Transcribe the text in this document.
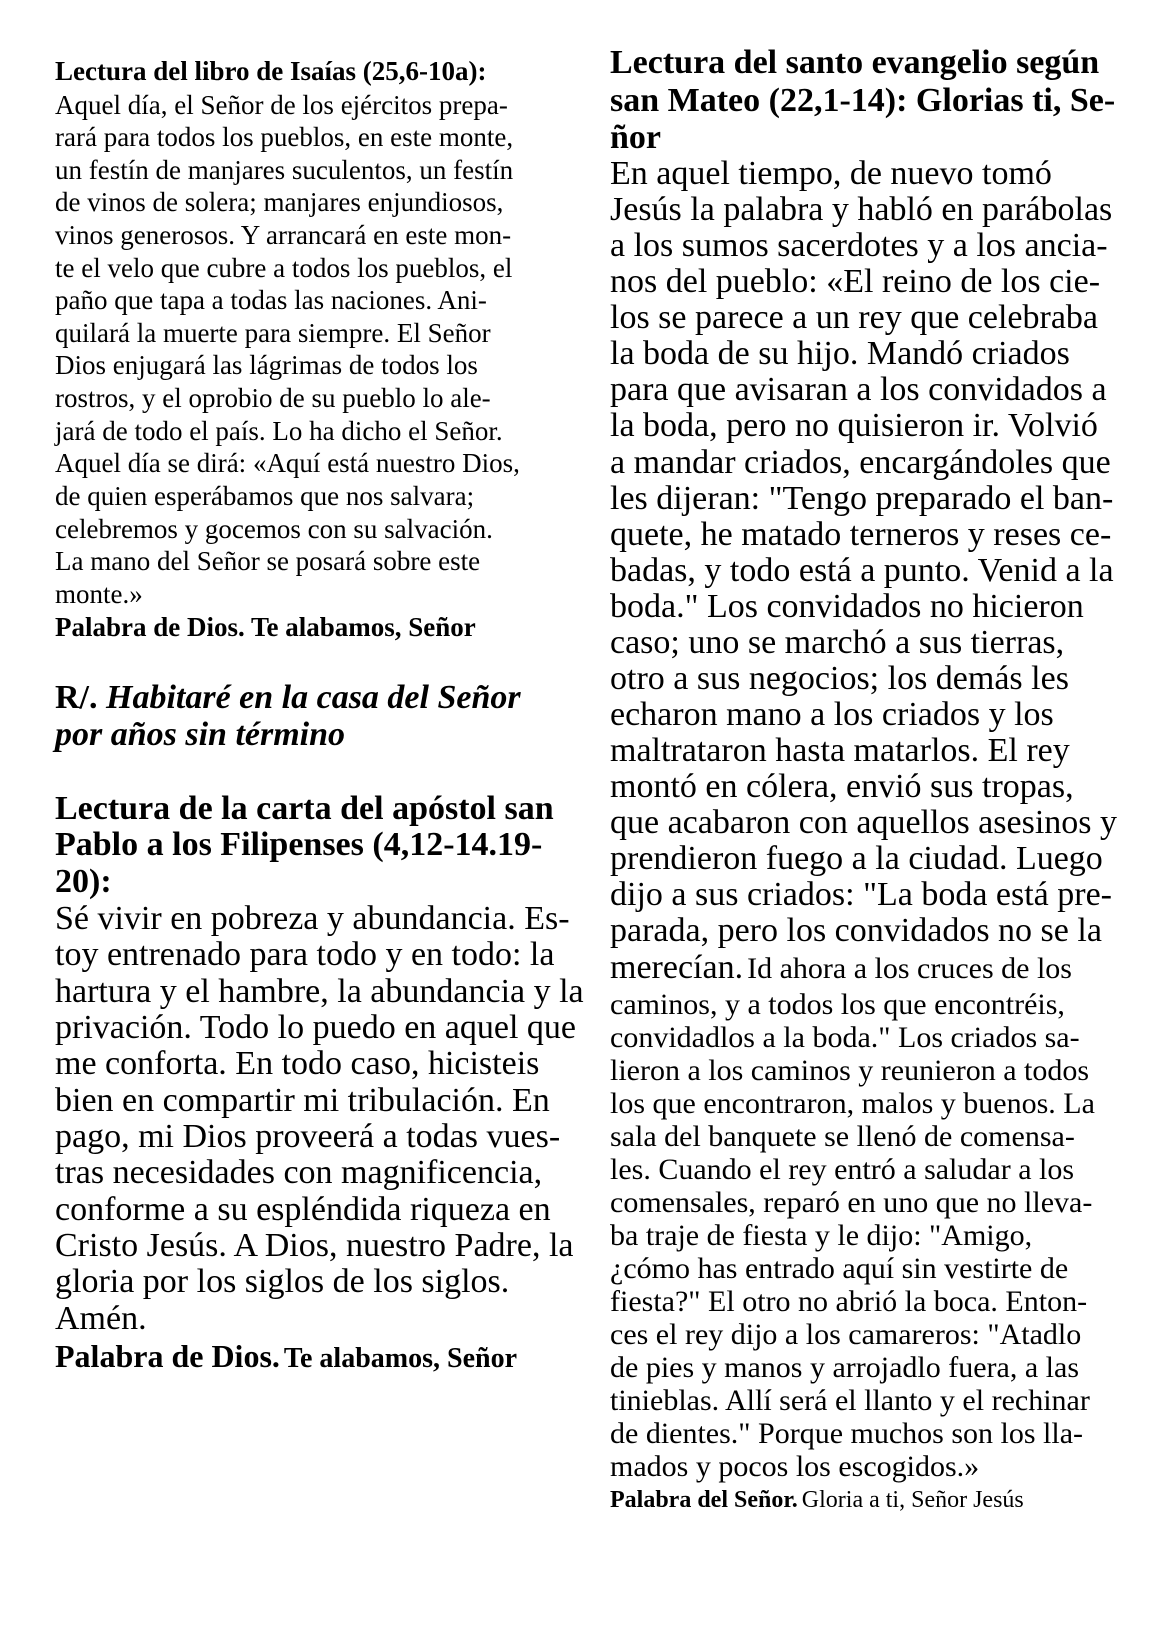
Lectura del libro de Isaías (25,6-10a):
Aquel día, el Señor de los ejércitos prepa-
rará para todos los pueblos, en este monte,
un festín de manjares suculentos, un festín
de vinos de solera; manjares enjundiosos,
vinos generosos. Y arrancará en este mon-
te el velo que cubre a todos los pueblos, el
paño que tapa a todas las naciones. Ani-
quilará la muerte para siempre. El Señor
Dios enjugará las lágrimas de todos los
rostros, y el oprobio de su pueblo lo ale-
jará de todo el país. Lo ha dicho el Señor.
Aquel día se dirá: «Aquí está nuestro Dios,
de quien esperábamos que nos salvara;
celebremos y gocemos con su salvación.
La mano del Señor se posará sobre este
monte.»
Palabra de Dios. Te alabamos, Señor
R/. Habitaré en la casa del Señor
por años sin término
Lectura de la carta del apóstol san
Pablo a los Filipenses (4,12-14.19-
20):
Sé vivir en pobreza y abundancia. Es-
toy entrenado para todo y en todo: la
hartura y el hambre, la abundancia y la
privación. Todo lo puedo en aquel que
me conforta. En todo caso, hicisteis
bien en compartir mi tribulación. En
pago, mi Dios proveerá a todas vues-
tras necesidades con magnificencia,
conforme a su espléndida riqueza en
Cristo Jesús. A Dios, nuestro Padre, la
gloria por los siglos de los siglos.
Amén.
Palabra de Dios. Te alabamos, Señor
Lectura del santo evangelio según
san Mateo (22,1-14): Glorias ti, Se-
ñor
En aquel tiempo, de nuevo tomó
Jesús la palabra y habló en parábolas
a los sumos sacerdotes y a los ancia-
nos del pueblo: «El reino de los cie-
los se parece a un rey que celebraba
la boda de su hijo. Mandó criados
para que avisaran a los convidados a
la boda, pero no quisieron ir. Volvió
a mandar criados, encargándoles que
les dijeran: "Tengo preparado el ban-
quete, he matado terneros y reses ce-
badas, y todo está a punto. Venid a la
boda." Los convidados no hicieron
caso; uno se marchó a sus tierras,
otro a sus negocios; los demás les
echaron mano a los criados y los
maltrataron hasta matarlos. El rey
montó en cólera, envió sus tropas,
que acabaron con aquellos asesinos y
prendieron fuego a la ciudad. Luego
dijo a sus criados: "La boda está pre-
parada, pero los convidados no se la
merecían. Id ahora a los cruces de los
caminos, y a todos los que encontréis,
convidadlos a la boda." Los criados sa-
lieron a los caminos y reunieron a todos
los que encontraron, malos y buenos. La
sala del banquete se llenó de comensa-
les. Cuando el rey entró a saludar a los
comensales, reparó en uno que no lleva-
ba traje de fiesta y le dijo: "Amigo,
¿cómo has entrado aquí sin vestirte de
fiesta?" El otro no abrió la boca. Enton-
ces el rey dijo a los camareros: "Atadlo
de pies y manos y arrojadlo fuera, a las
tinieblas. Allí será el llanto y el rechinar
de dientes." Porque muchos son los lla-
mados y pocos los escogidos.»
Palabra del Señor. Gloria a ti, Señor Jesús
